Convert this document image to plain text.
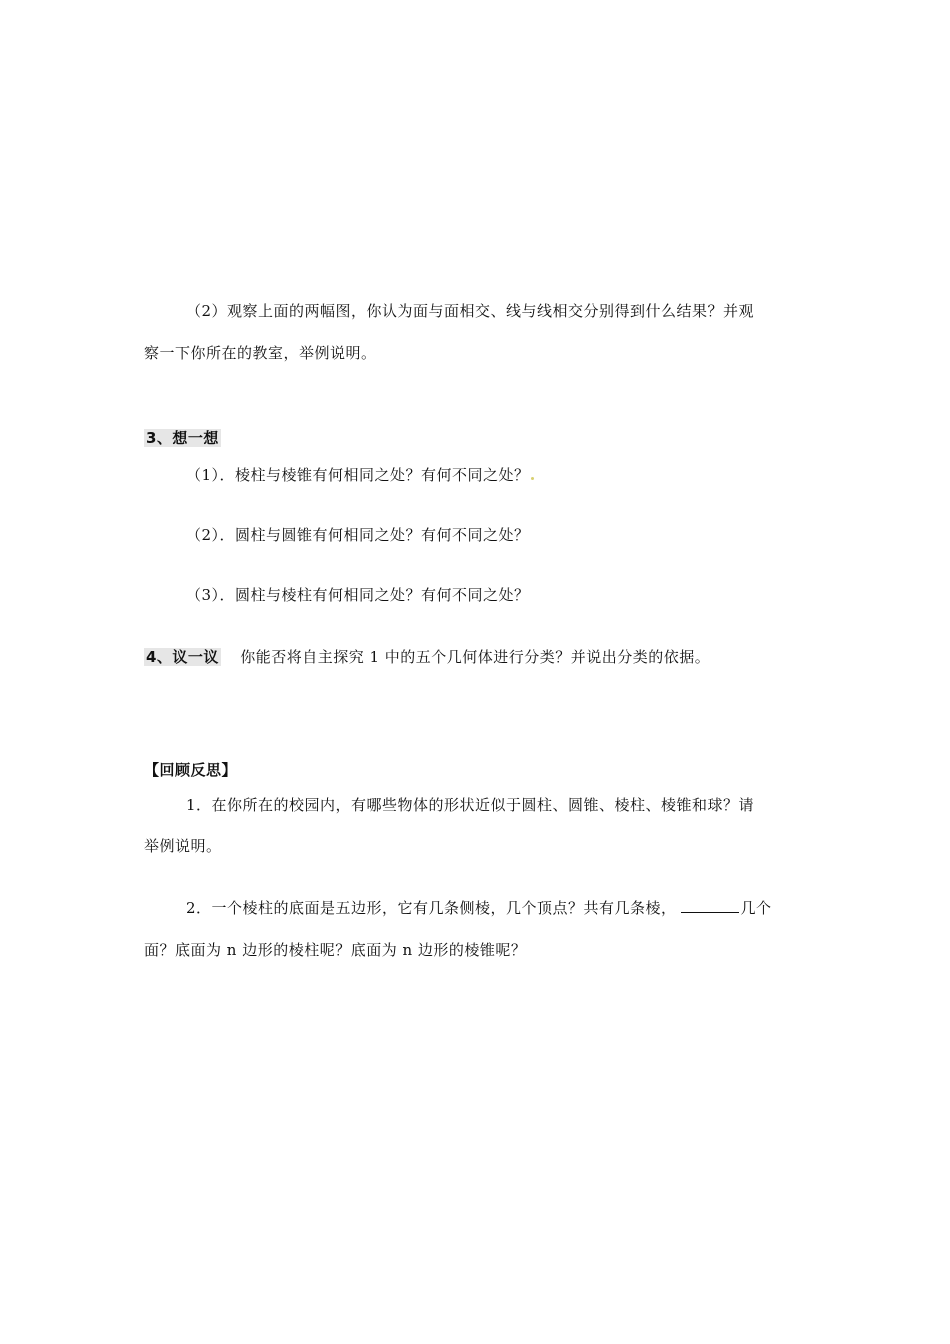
（2）观察上面的两幅图，你认为面与面相交、线与线相交分别得到什么结果？并观
察一下你所在的教室，举例说明。
3、想一想
（1）．棱柱与棱锥有何相同之处？有何不同之处？
（2）．圆柱与圆锥有何相同之处？有何不同之处？
（3）．圆柱与棱柱有何相同之处？有何不同之处？
4、议一议 你能否将自主探究 1 中的五个几何体进行分类？并说出分类的依据。
【回顾反思】
1．在你所在的校园内，有哪些物体的形状近似于圆柱、圆锥、棱柱、棱锥和球？请
举例说明。
2．一个棱柱的底面是五边形，它有几条侧棱，几个顶点？共有几条棱，	几个
面？底面为 n 边形的棱柱呢？底面为 n 边形的棱锥呢？
